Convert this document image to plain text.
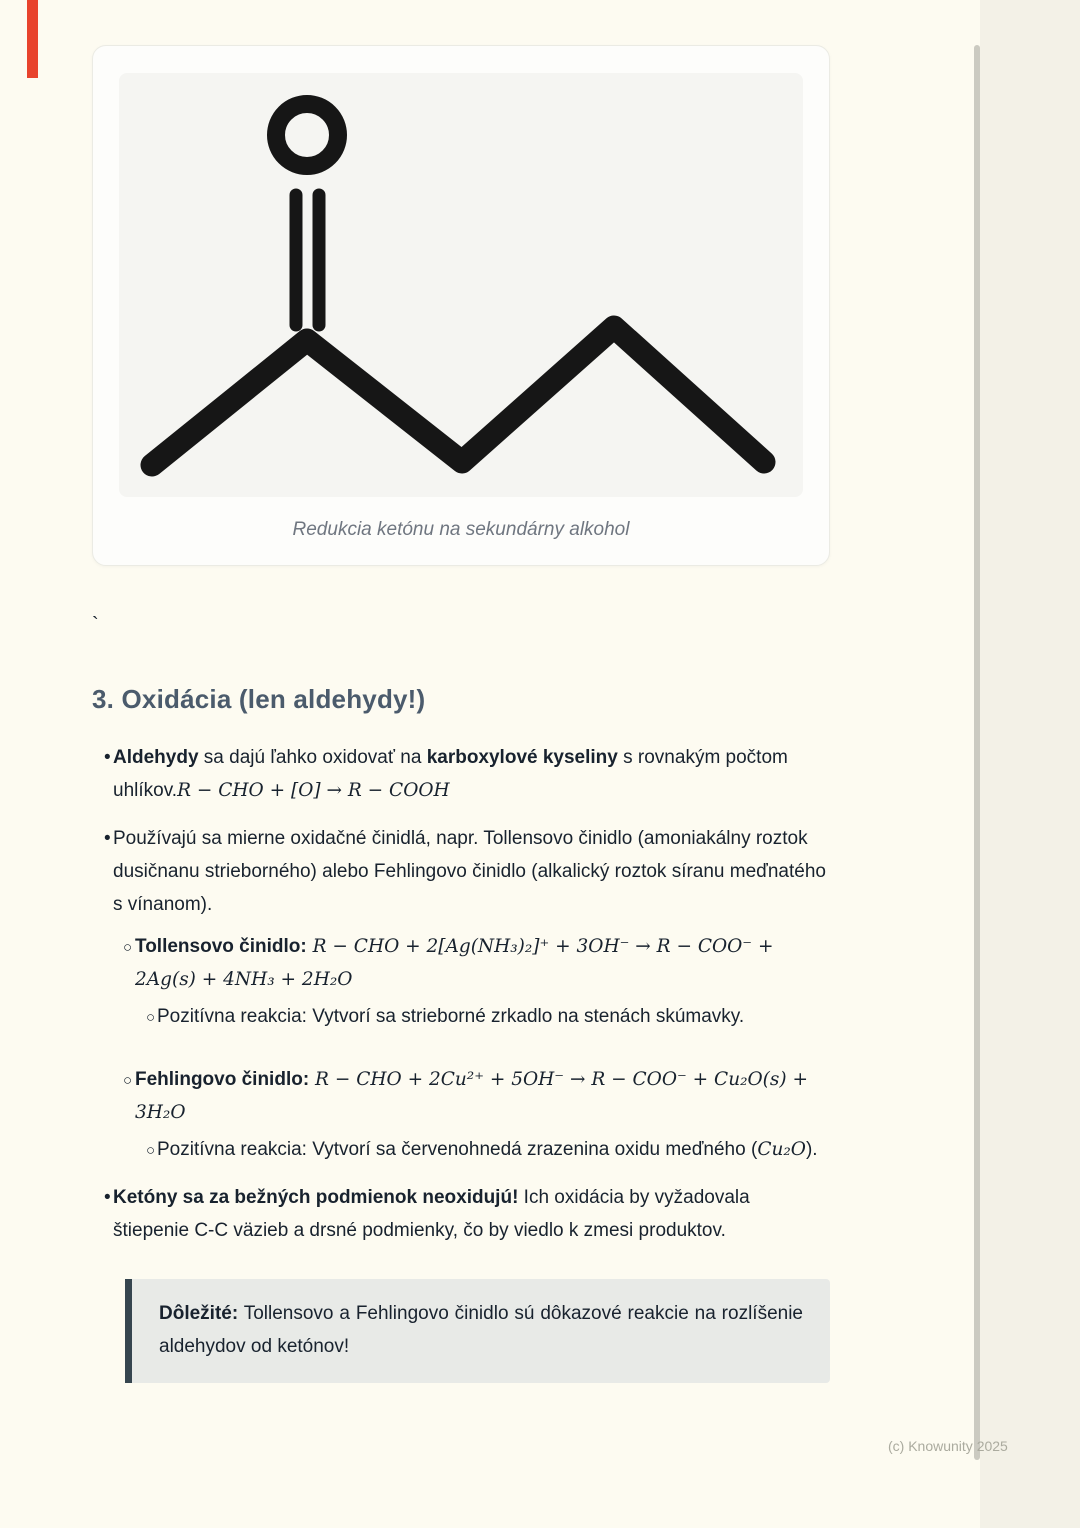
Redukcia ketónu na sekundárny alkohol
`
3. Oxidácia (len aldehydy!)
• Aldehydy sa dajú ľahko oxidovať na karboxylové kyseliny s rovnakým počtom uhlíkov.R − CHO + [O] → R − COOH
• Používajú sa mierne oxidačné činidlá, napr. Tollensovo činidlo (amoniakálny roztok dusičnanu strieborného) alebo Fehlingovo činidlo (alkalický roztok síranu meďnatého s vínanom).
○ Tollensovo činidlo: R − CHO + 2[Ag(NH₃)₂]⁺ + 3OH⁻ → R − COO⁻ + 2Ag(s) + 4NH₃ + 2H₂O
○ Pozitívna reakcia: Vytvorí sa strieborné zrkadlo na stenách skúmavky.
○ Fehlingovo činidlo: R − CHO + 2Cu²⁺ + 5OH⁻ → R − COO⁻ + Cu₂O(s) + 3H₂O
○ Pozitívna reakcia: Vytvorí sa červenohnedá zrazenina oxidu meďného (Cu₂O).
• Ketóny sa za bežných podmienok neoxidujú! Ich oxidácia by vyžadovala štiepenie C-C väzieb a drsné podmienky, čo by viedlo k zmesi produktov.
Dôležité: Tollensovo a Fehlingovo činidlo sú dôkazové reakcie na rozlíšenie aldehydov od ketónov!
(c) Knowunity 2025
